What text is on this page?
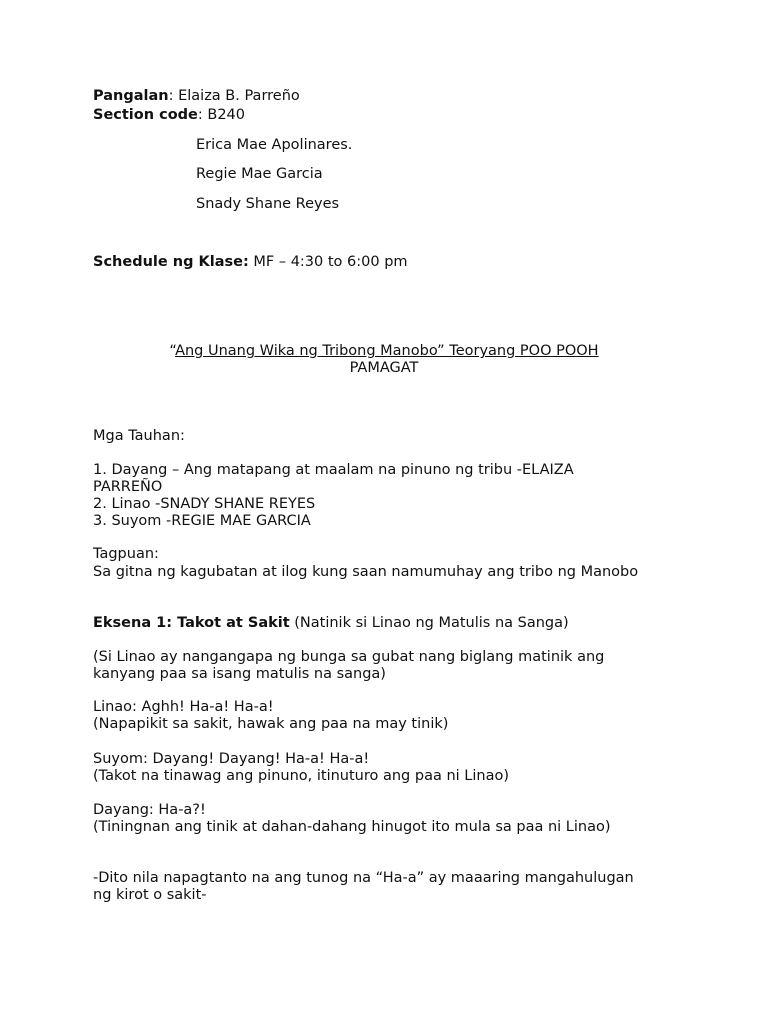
Pangalan: Elaiza B. Parreño
Section code: B240
Erica Mae Apolinares.
Regie Mae Garcia
Snady Shane Reyes
Schedule ng Klase: MF – 4:30 to 6:00 pm
“Ang Unang Wika ng Tribong Manobo” Teoryang POO POOH
PAMAGAT
Mga Tauhan:
1. Dayang – Ang matapang at maalam na pinuno ng tribu -ELAIZA
PARREÑO
2. Linao -SNADY SHANE REYES
3. Suyom -REGIE MAE GARCIA
Tagpuan:
Sa gitna ng kagubatan at ilog kung saan namumuhay ang tribo ng Manobo
Eksena 1: Takot at Sakit (Natinik si Linao ng Matulis na Sanga)
(Si Linao ay nangangapa ng bunga sa gubat nang biglang matinik ang
kanyang paa sa isang matulis na sanga)
Linao: Aghh! Ha-a! Ha-a!
(Napapikit sa sakit, hawak ang paa na may tinik)
Suyom: Dayang! Dayang! Ha-a! Ha-a!
(Takot na tinawag ang pinuno, itinuturo ang paa ni Linao)
Dayang: Ha-a?!
(Tiningnan ang tinik at dahan-dahang hinugot ito mula sa paa ni Linao)
-Dito nila napagtanto na ang tunog na “Ha-a” ay maaaring mangahulugan
ng kirot o sakit-
